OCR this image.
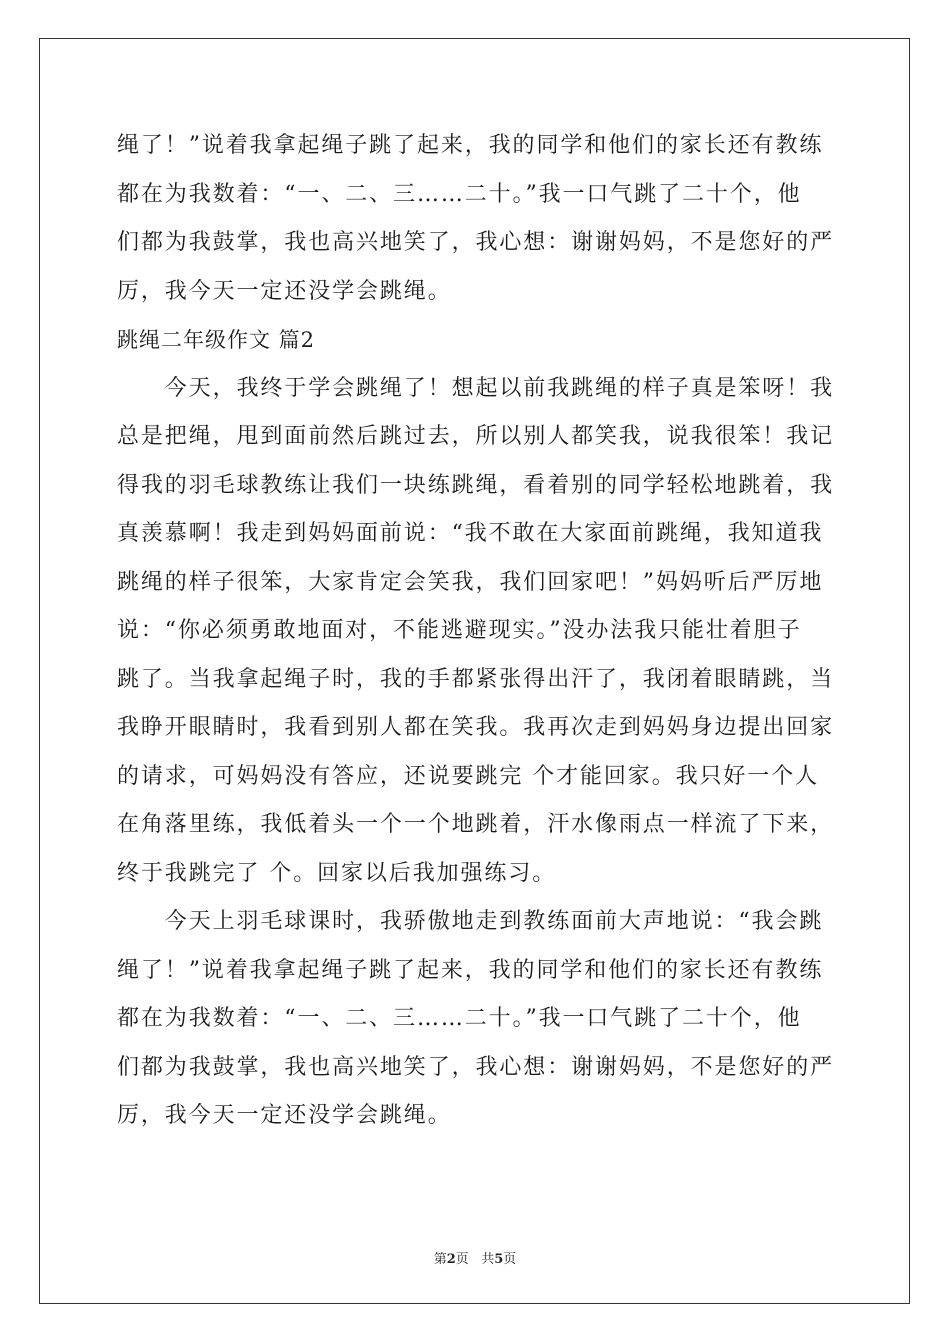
绳了！”说着我拿起绳子跳了起来，我的同学和他们的家长还有教练
都在为我数着：“一、二、三……二十。”我一口气跳了二十个，他
们都为我鼓掌，我也高兴地笑了，我心想：谢谢妈妈，不是您好的严
厉，我今天一定还没学会跳绳。
跳绳二年级作文 篇2
　　今天，我终于学会跳绳了！想起以前我跳绳的样子真是笨呀！我
总是把绳，甩到面前然后跳过去，所以别人都笑我，说我很笨！我记
得我的羽毛球教练让我们一块练跳绳，看着别的同学轻松地跳着，我
真羡慕啊！我走到妈妈面前说：“我不敢在大家面前跳绳，我知道我
跳绳的样子很笨，大家肯定会笑我，我们回家吧！”妈妈听后严厉地
说：“你必须勇敢地面对，不能逃避现实。”没办法我只能壮着胆子
跳了。当我拿起绳子时，我的手都紧张得出汗了，我闭着眼睛跳，当
我睁开眼睛时，我看到别人都在笑我。我再次走到妈妈身边提出回家
的请求，可妈妈没有答应，还说要跳完 个才能回家。我只好一个人
在角落里练，我低着头一个一个地跳着，汗水像雨点一样流了下来，
终于我跳完了 个。回家以后我加强练习。
　　今天上羽毛球课时，我骄傲地走到教练面前大声地说：“我会跳
绳了！”说着我拿起绳子跳了起来，我的同学和他们的家长还有教练
都在为我数着：“一、二、三……二十。”我一口气跳了二十个，他
们都为我鼓掌，我也高兴地笑了，我心想：谢谢妈妈，不是您好的严
厉，我今天一定还没学会跳绳。
第2页 共5页
